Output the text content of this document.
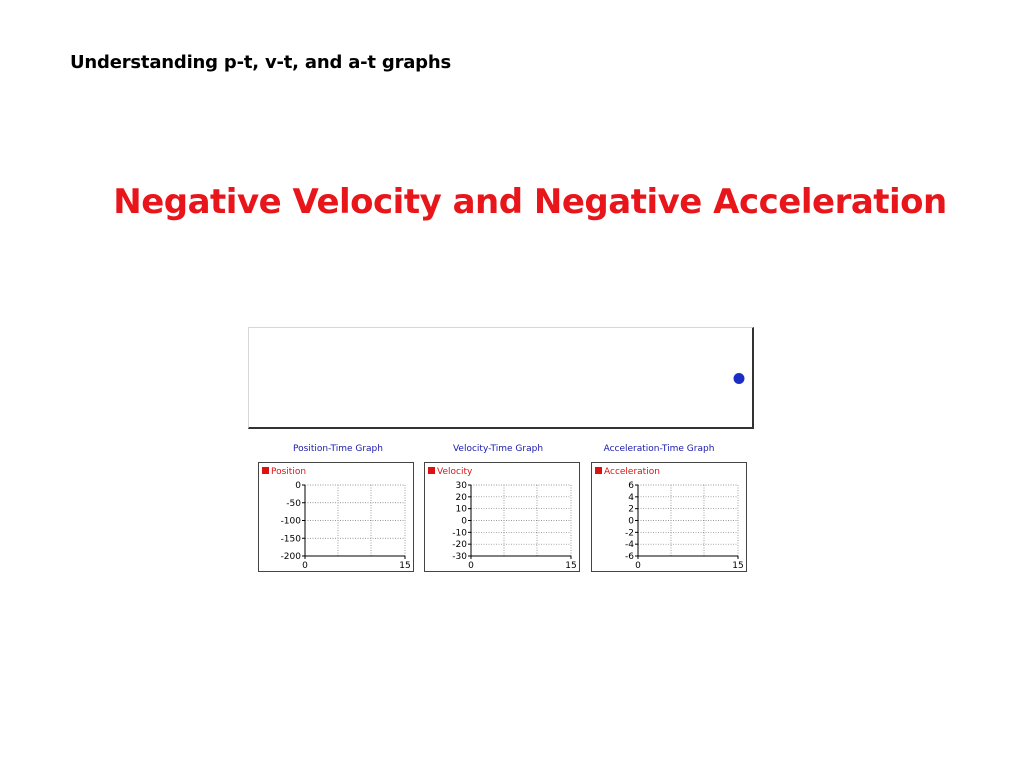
Understanding p-t, v-t, and a-t graphs
Negative Velocity and Negative Acceleration
Position-Time Graph	Velocity-Time Graph	Acceleration-Time Graph
Position
0
-50
-100
-150
-200
0	15
Velocity
30
20
10
0
-10
-20
-30
0	15
Acceleration
6
4
2
0
-2
-4
-6
0	15
